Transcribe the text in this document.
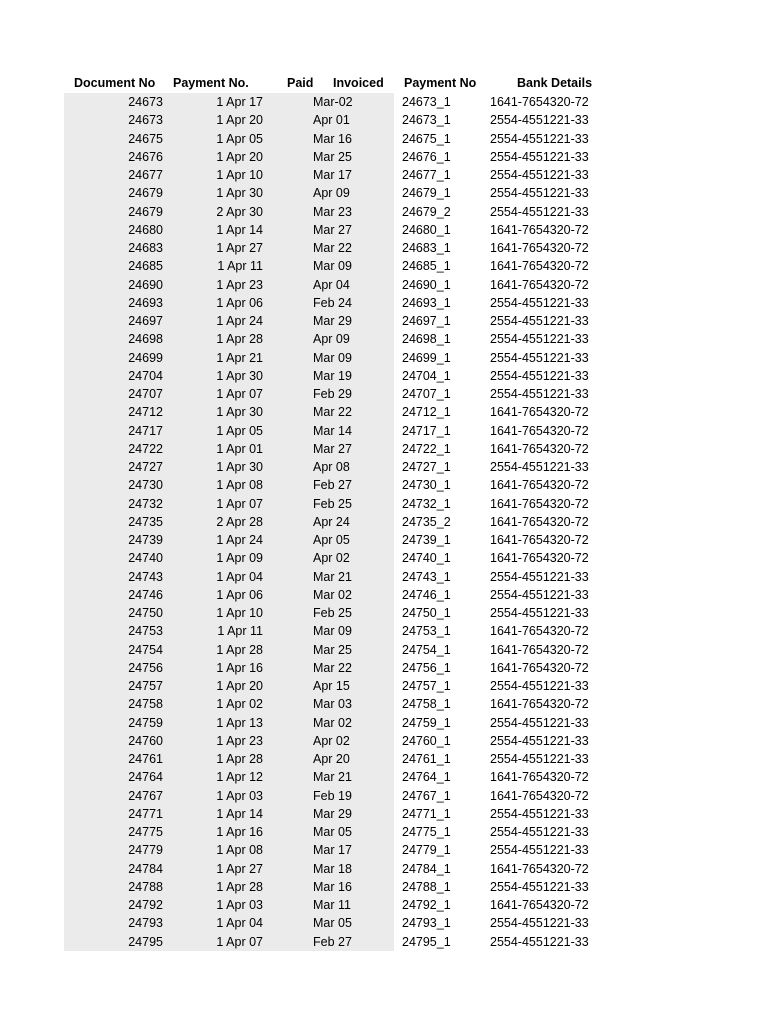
Document No	Payment No.	Paid	Invoiced	Payment No	Bank Details
24673	1 Apr 17	Mar-02	24673_1	1641-7654320-72
24673	1 Apr 20	Apr 01	24673_1	2554-4551221-33
24675	1 Apr 05	Mar 16	24675_1	2554-4551221-33
24676	1 Apr 20	Mar 25	24676_1	2554-4551221-33
24677	1 Apr 10	Mar 17	24677_1	2554-4551221-33
24679	1 Apr 30	Apr 09	24679_1	2554-4551221-33
24679	2 Apr 30	Mar 23	24679_2	2554-4551221-33
24680	1 Apr 14	Mar 27	24680_1	1641-7654320-72
24683	1 Apr 27	Mar 22	24683_1	1641-7654320-72
24685	1 Apr 11	Mar 09	24685_1	1641-7654320-72
24690	1 Apr 23	Apr 04	24690_1	1641-7654320-72
24693	1 Apr 06	Feb 24	24693_1	2554-4551221-33
24697	1 Apr 24	Mar 29	24697_1	2554-4551221-33
24698	1 Apr 28	Apr 09	24698_1	2554-4551221-33
24699	1 Apr 21	Mar 09	24699_1	2554-4551221-33
24704	1 Apr 30	Mar 19	24704_1	2554-4551221-33
24707	1 Apr 07	Feb 29	24707_1	2554-4551221-33
24712	1 Apr 30	Mar 22	24712_1	1641-7654320-72
24717	1 Apr 05	Mar 14	24717_1	1641-7654320-72
24722	1 Apr 01	Mar 27	24722_1	1641-7654320-72
24727	1 Apr 30	Apr 08	24727_1	2554-4551221-33
24730	1 Apr 08	Feb 27	24730_1	1641-7654320-72
24732	1 Apr 07	Feb 25	24732_1	1641-7654320-72
24735	2 Apr 28	Apr 24	24735_2	1641-7654320-72
24739	1 Apr 24	Apr 05	24739_1	1641-7654320-72
24740	1 Apr 09	Apr 02	24740_1	1641-7654320-72
24743	1 Apr 04	Mar 21	24743_1	2554-4551221-33
24746	1 Apr 06	Mar 02	24746_1	2554-4551221-33
24750	1 Apr 10	Feb 25	24750_1	2554-4551221-33
24753	1 Apr 11	Mar 09	24753_1	1641-7654320-72
24754	1 Apr 28	Mar 25	24754_1	1641-7654320-72
24756	1 Apr 16	Mar 22	24756_1	1641-7654320-72
24757	1 Apr 20	Apr 15	24757_1	2554-4551221-33
24758	1 Apr 02	Mar 03	24758_1	1641-7654320-72
24759	1 Apr 13	Mar 02	24759_1	2554-4551221-33
24760	1 Apr 23	Apr 02	24760_1	2554-4551221-33
24761	1 Apr 28	Apr 20	24761_1	2554-4551221-33
24764	1 Apr 12	Mar 21	24764_1	1641-7654320-72
24767	1 Apr 03	Feb 19	24767_1	1641-7654320-72
24771	1 Apr 14	Mar 29	24771_1	2554-4551221-33
24775	1 Apr 16	Mar 05	24775_1	2554-4551221-33
24779	1 Apr 08	Mar 17	24779_1	2554-4551221-33
24784	1 Apr 27	Mar 18	24784_1	1641-7654320-72
24788	1 Apr 28	Mar 16	24788_1	2554-4551221-33
24792	1 Apr 03	Mar 11	24792_1	1641-7654320-72
24793	1 Apr 04	Mar 05	24793_1	2554-4551221-33
24795	1 Apr 07	Feb 27	24795_1	2554-4551221-33
